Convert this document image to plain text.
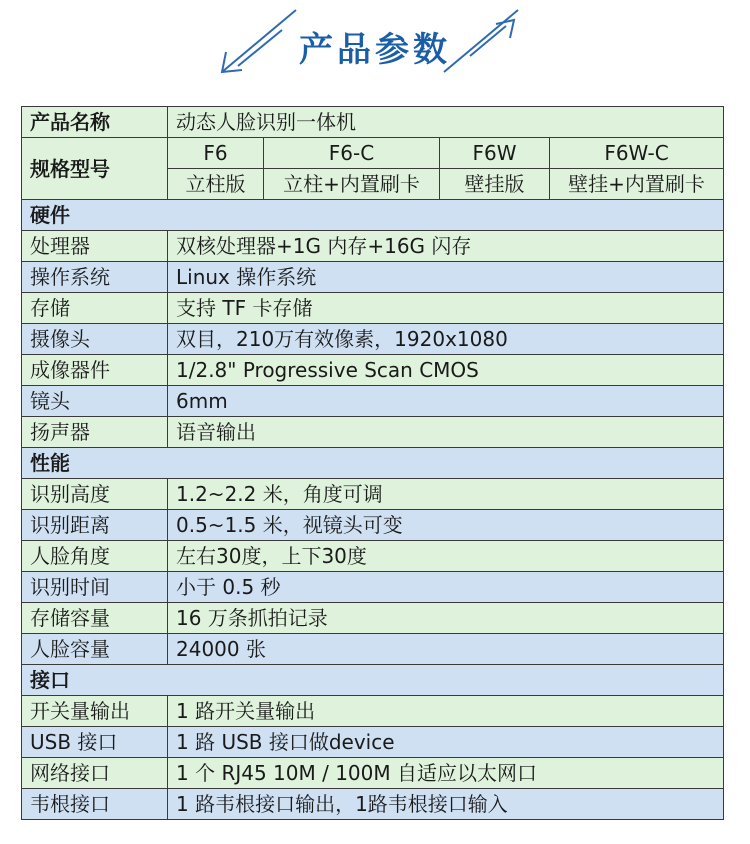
产品参数
产品名称	动态人脸识别一体机			
规格型号	F6	F6-C	F6W	F6W-C
	立柱版	立柱+内置刷卡	壁挂版	壁挂+内置刷卡
硬件				
处理器	双核处理器+1G 内存+16G 闪存			
操作系统	Linux 操作系统			
存储	支持 TF 卡存储			
摄像头	双目，210万有效像素，1920x1080			
成像器件	1/2.8" Progressive Scan CMOS			
镜头	6mm			
扬声器	语音输出			
性能				
识别高度	1.2~2.2 米，角度可调			
识别距离	0.5~1.5 米，视镜头可变			
人脸角度	左右30度，上下30度			
识别时间	小于 0.5 秒			
存储容量	16 万条抓拍记录			
人脸容量	24000 张			
接口				
开关量输出	1 路开关量输出			
USB 接口	1 路 USB 接口做device			
网络接口	1 个 RJ45 10M / 100M 自适应以太网口			
韦根接口	1 路韦根接口输出，1路韦根接口输入			
